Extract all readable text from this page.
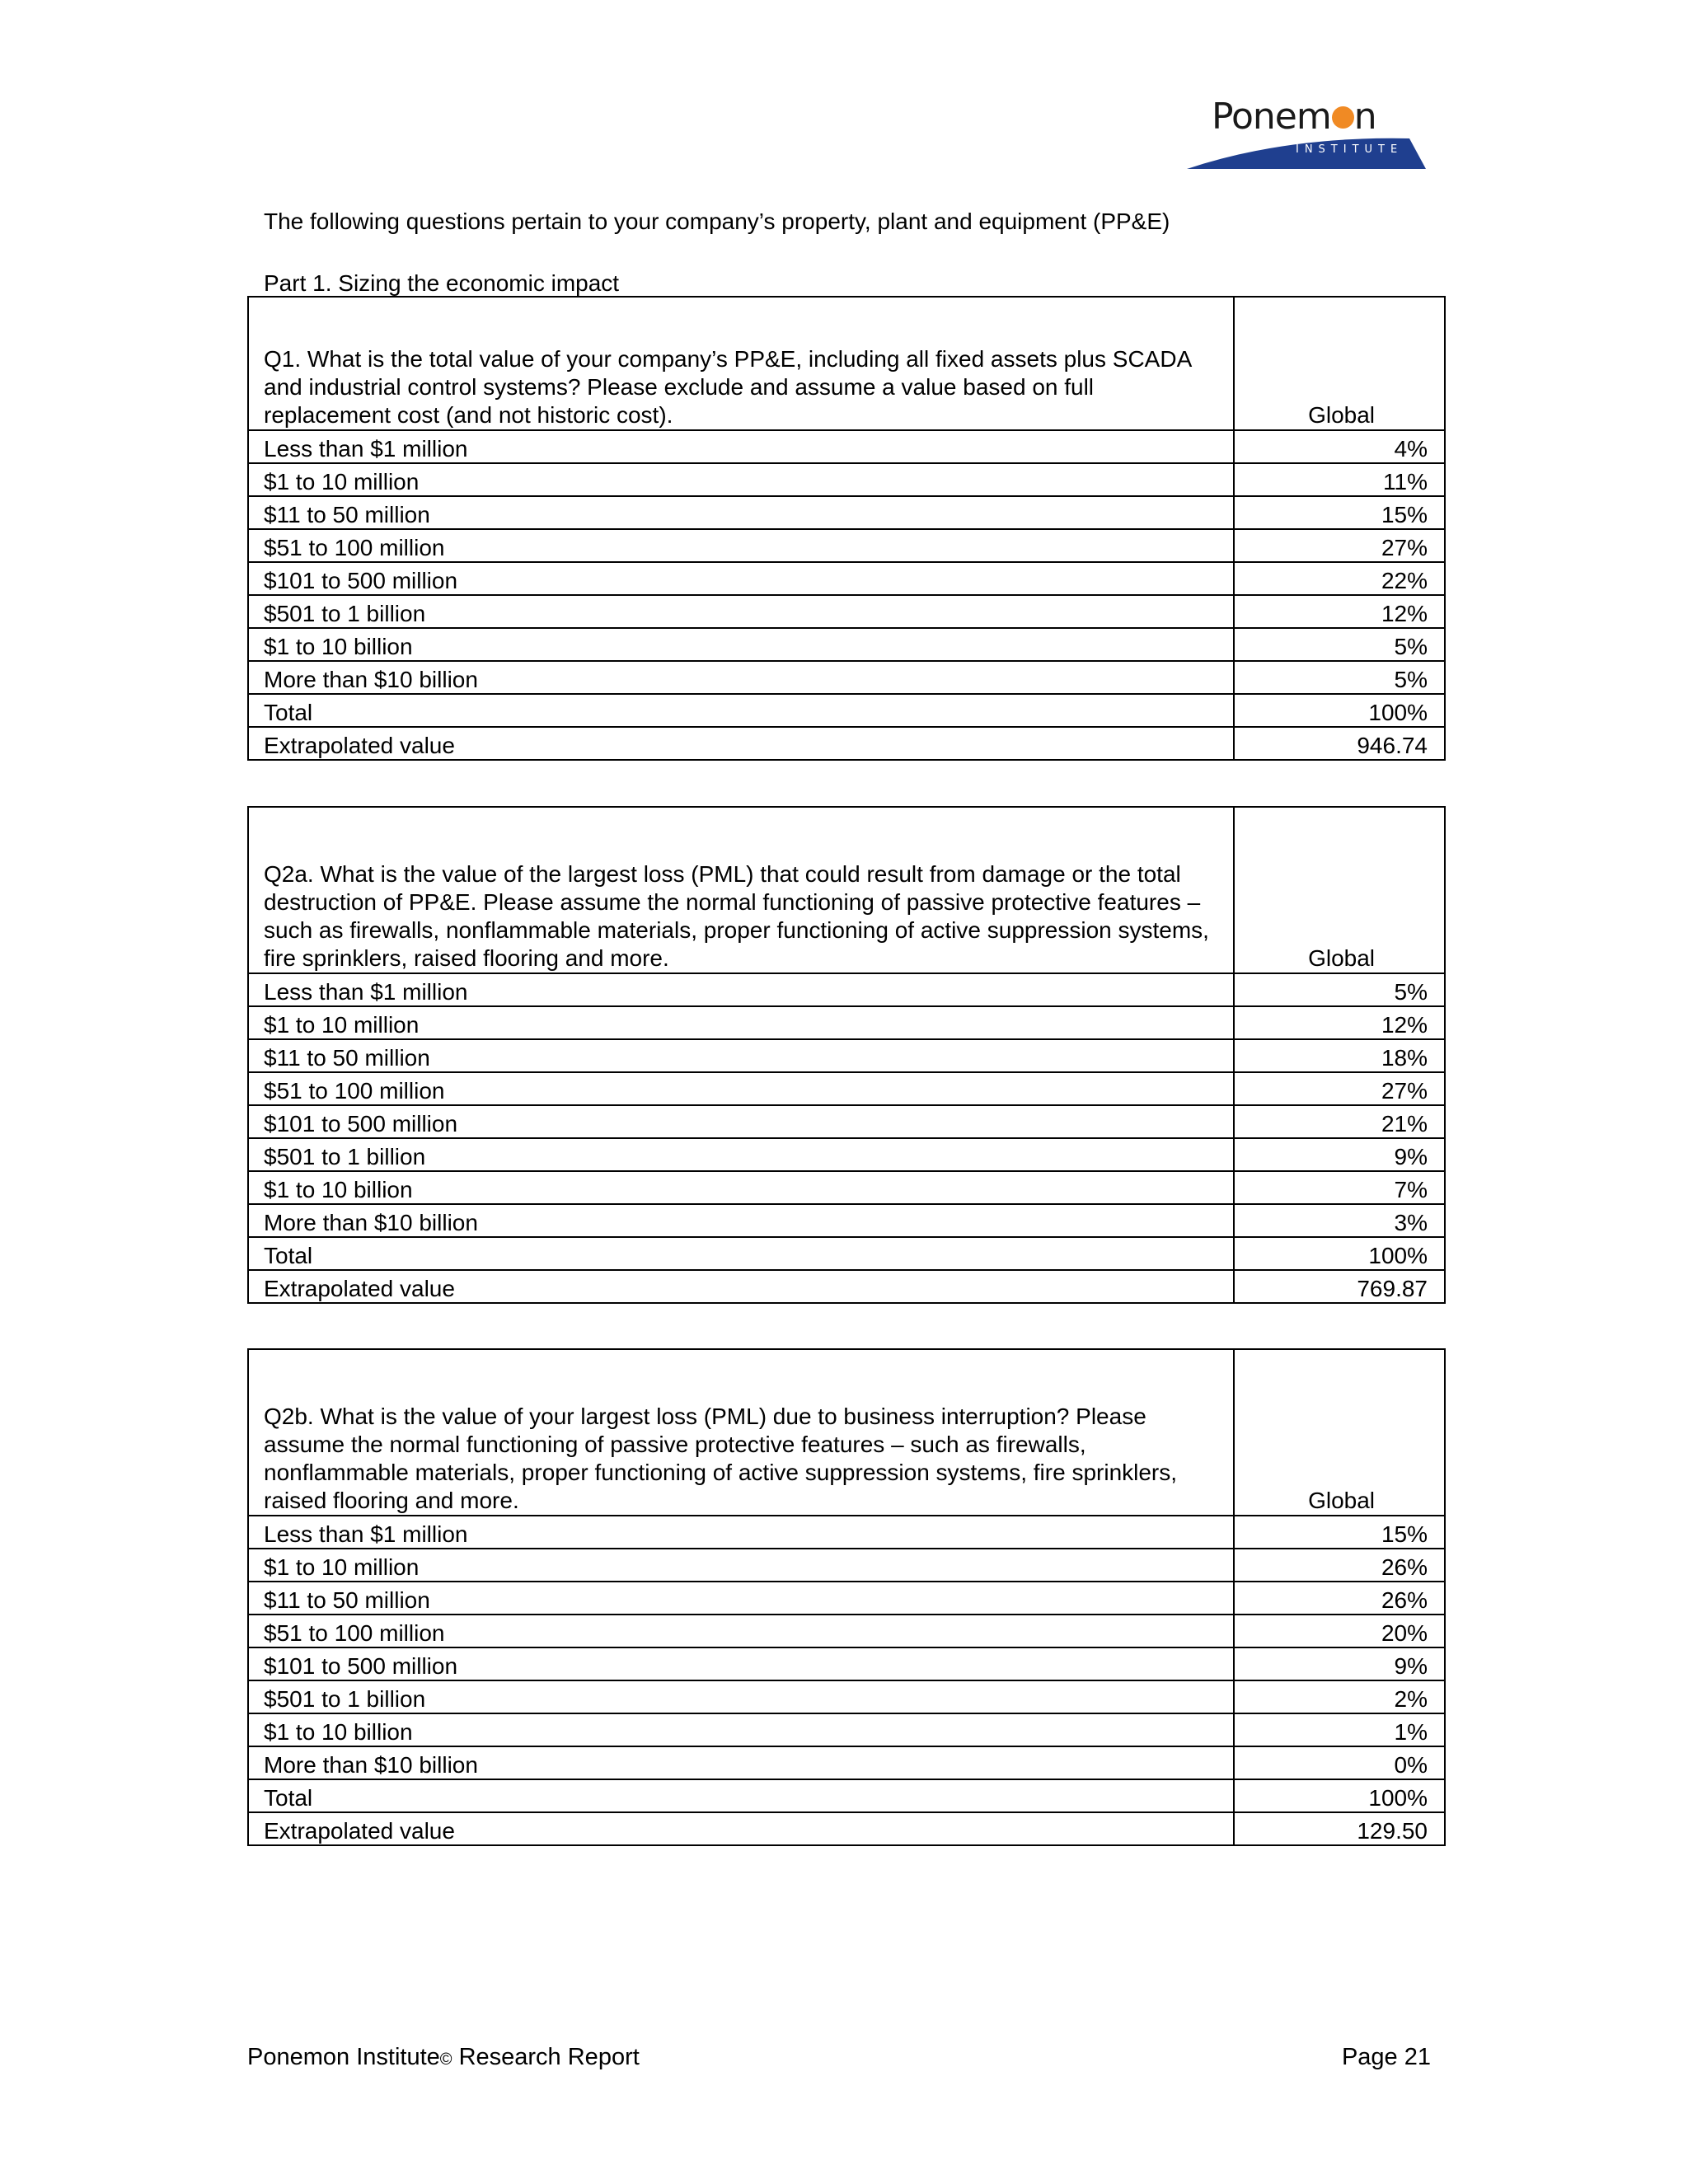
Ponem n
INSTITUTE
The following questions pertain to your company’s property, plant and equipment (PP&E)
Part 1. Sizing the economic impact
Q1. What is the total value of your company’s PP&E, including all fixed assets plus SCADA and industrial control systems? Please exclude and assume a value based on full replacement cost (and not historic cost).	Global
Less than $1 million	4%
$1 to 10 million	11%
$11 to 50 million	15%
$51 to 100 million	27%
$101 to 500 million	22%
$501 to 1 billion	12%
$1 to 10 billion	5%
More than $10 billion	5%
Total	100%
Extrapolated value	946.74
Q2a. What is the value of the largest loss (PML) that could result from damage or the total destruction of PP&E. Please assume the normal functioning of passive protective features – such as firewalls, nonflammable materials, proper functioning of active suppression systems, fire sprinklers, raised flooring and more.	Global
Less than $1 million	5%
$1 to 10 million	12%
$11 to 50 million	18%
$51 to 100 million	27%
$101 to 500 million	21%
$501 to 1 billion	9%
$1 to 10 billion	7%
More than $10 billion	3%
Total	100%
Extrapolated value	769.87
Q2b. What is the value of your largest loss (PML) due to business interruption? Please assume the normal functioning of passive protective features – such as firewalls, nonflammable materials, proper functioning of active suppression systems, fire sprinklers, raised flooring and more.	Global
Less than $1 million	15%
$1 to 10 million	26%
$11 to 50 million	26%
$51 to 100 million	20%
$101 to 500 million	9%
$501 to 1 billion	2%
$1 to 10 billion	1%
More than $10 billion	0%
Total	100%
Extrapolated value	129.50
Ponemon Institute© Research Report	Page 21
